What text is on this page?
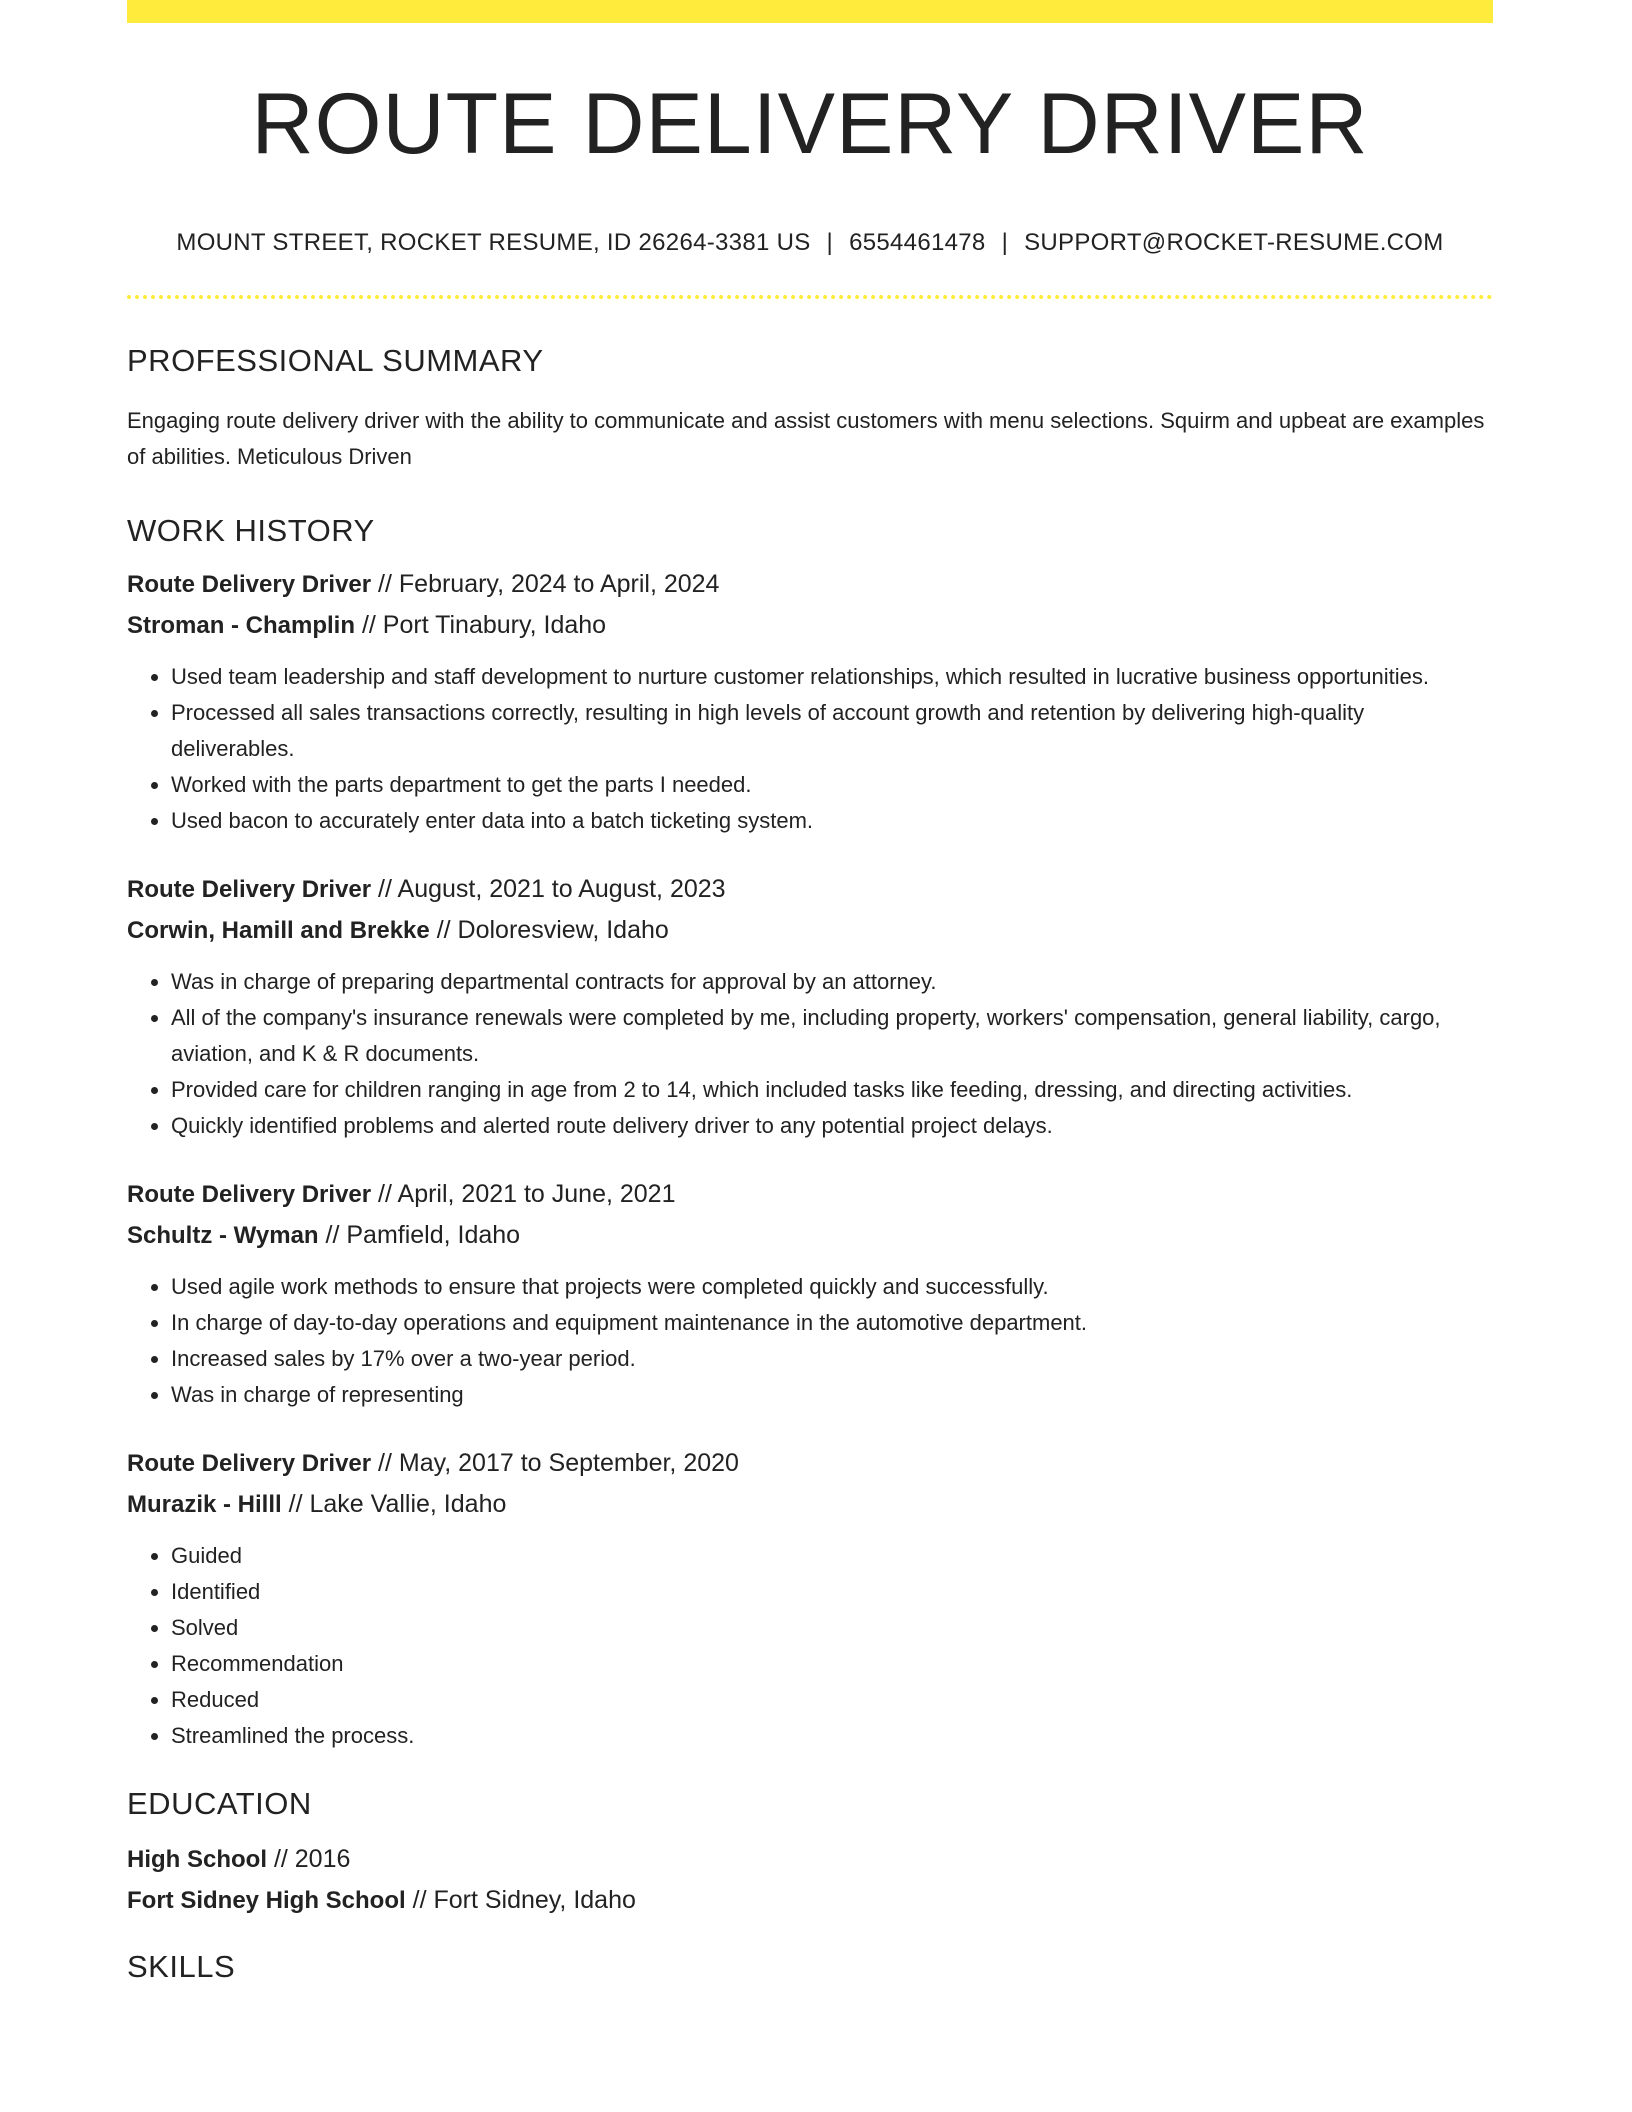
ROUTE DELIVERY DRIVER
MOUNT STREET, ROCKET RESUME, ID 26264-3381 US | 6554461478 | SUPPORT@ROCKET-RESUME.COM
PROFESSIONAL SUMMARY

Engaging route delivery driver with the ability to communicate and assist customers with menu selections. Squirm and upbeat are examples of abilities. Meticulous Driven

WORK HISTORY
Route Delivery Driver // February, 2024 to April, 2024
Stroman - Champlin // Port Tinabury, Idaho
• Used team leadership and staff development to nurture customer relationships, which resulted in lucrative business opportunities.
• Processed all sales transactions correctly, resulting in high levels of account growth and retention by delivering high-quality deliverables.
• Worked with the parts department to get the parts I needed.
• Used bacon to accurately enter data into a batch ticketing system.
Route Delivery Driver // August, 2021 to August, 2023
Corwin, Hamill and Brekke // Doloresview, Idaho
• Was in charge of preparing departmental contracts for approval by an attorney.
• All of the company's insurance renewals were completed by me, including property, workers' compensation, general liability, cargo, aviation, and K & R documents.
• Provided care for children ranging in age from 2 to 14, which included tasks like feeding, dressing, and directing activities.
• Quickly identified problems and alerted route delivery driver to any potential project delays.
Route Delivery Driver // April, 2021 to June, 2021
Schultz - Wyman // Pamfield, Idaho
• Used agile work methods to ensure that projects were completed quickly and successfully.
• In charge of day-to-day operations and equipment maintenance in the automotive department.
• Increased sales by 17% over a two-year period.
• Was in charge of representing
Route Delivery Driver // May, 2017 to September, 2020
Murazik - Hilll // Lake Vallie, Idaho
• Guided
• Identified
• Solved
• Recommendation
• Reduced
• Streamlined the process.
EDUCATION
High School // 2016
Fort Sidney High School // Fort Sidney, Idaho
SKILLS
